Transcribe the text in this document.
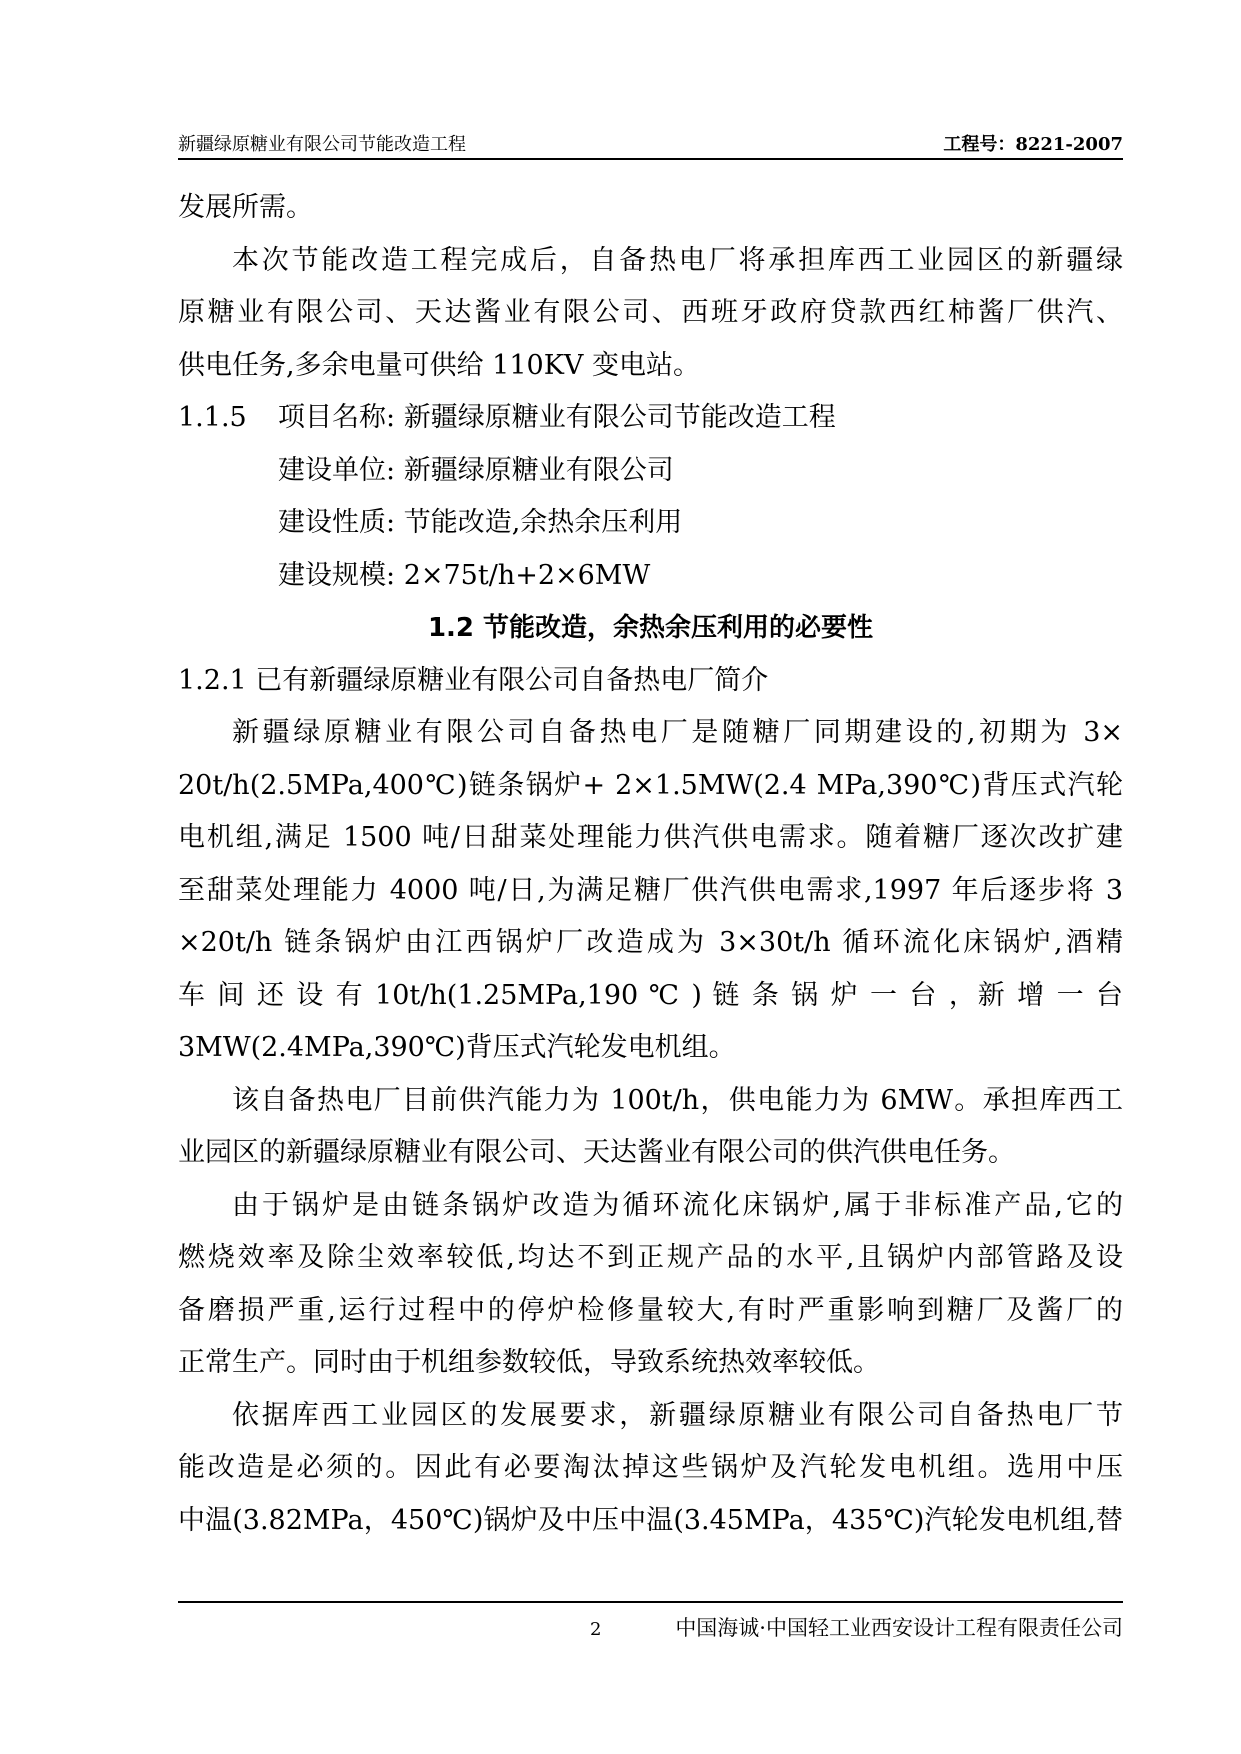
新疆绿原糖业有限公司节能改造工程	工程号：8221-2007
发展所需。
本次节能改造工程完成后，自备热电厂将承担库西工业园区的新疆绿
原糖业有限公司、天达酱业有限公司、西班牙政府贷款西红柿酱厂供汽、
供电任务,多余电量可供给 110KV 变电站。
1.1.5 项目名称: 新疆绿原糖业有限公司节能改造工程
建设单位: 新疆绿原糖业有限公司
建设性质: 节能改造,余热余压利用
建设规模: 2×75t/h+2×6MW
1.2 节能改造，余热余压利用的必要性
1.2.1 已有新疆绿原糖业有限公司自备热电厂简介
新疆绿原糖业有限公司自备热电厂是随糖厂同期建设的,初期为 3×
20t/h(2.5MPa,400℃)链条锅炉+ 2×1.5MW(2.4 MPa,390℃)背压式汽轮
电机组,满足 1500 吨/日甜菜处理能力供汽供电需求。随着糖厂逐次改扩建
至甜菜处理能力 4000 吨/日,为满足糖厂供汽供电需求,1997 年后逐步将 3
×20t/h 链条锅炉由江西锅炉厂改造成为 3×30t/h 循环流化床锅炉,酒精
车 间 还 设 有 10t/h(1.25MPa,190 ℃ ) 链 条 锅 炉 一 台 ，新 增 一 台
3MW(2.4MPa,390℃)背压式汽轮发电机组。
该自备热电厂目前供汽能力为 100t/h，供电能力为 6MW。承担库西工
业园区的新疆绿原糖业有限公司、天达酱业有限公司的供汽供电任务。
由于锅炉是由链条锅炉改造为循环流化床锅炉,属于非标准产品,它的
燃烧效率及除尘效率较低,均达不到正规产品的水平,且锅炉内部管路及设
备磨损严重,运行过程中的停炉检修量较大,有时严重影响到糖厂及酱厂的
正常生产。同时由于机组参数较低，导致系统热效率较低。
依据库西工业园区的发展要求，新疆绿原糖业有限公司自备热电厂节
能改造是必须的。因此有必要淘汰掉这些锅炉及汽轮发电机组。选用中压
中温(3.82MPa，450℃)锅炉及中压中温(3.45MPa，435℃)汽轮发电机组,替
2	中国海诚·中国轻工业西安设计工程有限责任公司
